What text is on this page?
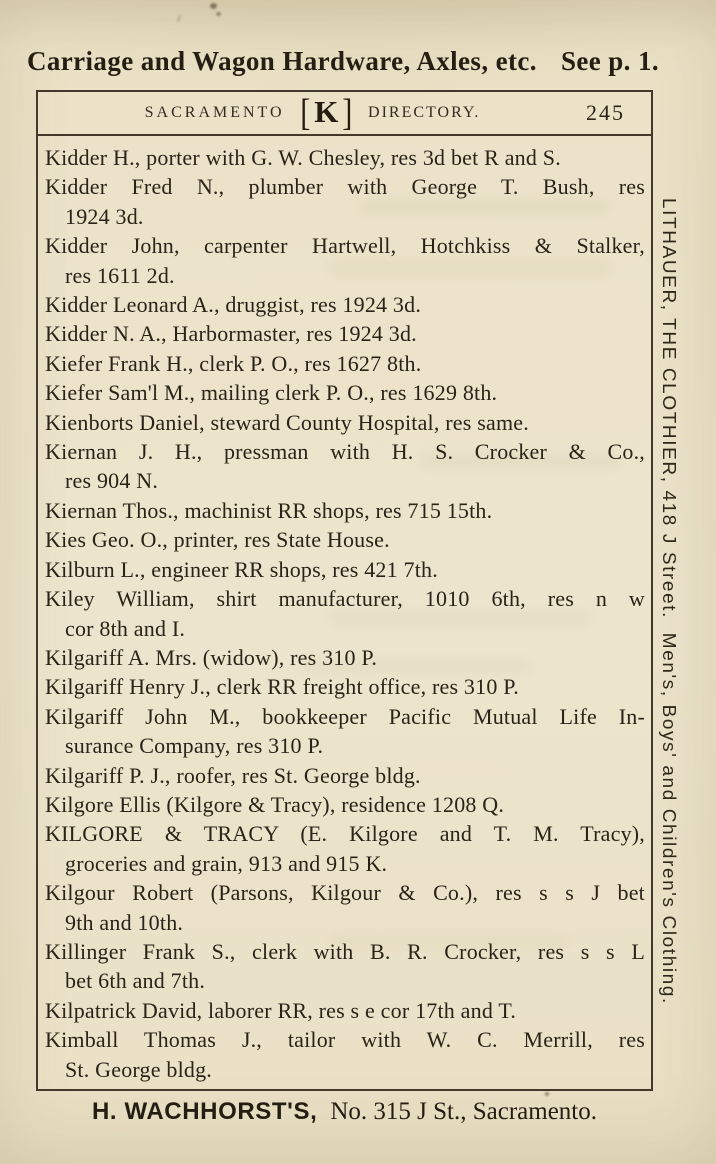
Carriage and Wagon Hardware, Axles, etc. See p. 1.
SACRAMENTO [ K ] DIRECTORY.	245

Kidder H., porter with G. W. Chesley, res 3d bet R and S.

Kidder Fred N., plumber with George T. Bush, res
1924 3d.

Kidder John, carpenter Hartwell, Hotchkiss & Stalker,
res 1611 2d.

Kidder Leonard A., druggist, res 1924 3d.

Kidder N. A., Harbormaster, res 1924 3d.

Kiefer Frank H., clerk P. O., res 1627 8th.

Kiefer Sam'l M., mailing clerk P. O., res 1629 8th.

Kienborts Daniel, steward County Hospital, res same.

Kiernan J. H., pressman with H. S. Crocker & Co.,
res 904 N.

Kiernan Thos., machinist RR shops, res 715 15th.

Kies Geo. O., printer, res State House.

Kilburn L., engineer RR shops, res 421 7th.

Kiley William, shirt manufacturer, 1010 6th, res n w
cor 8th and I.

Kilgariff A. Mrs. (widow), res 310 P.

Kilgariff Henry J., clerk RR freight office, res 310 P.

Kilgariff John M., bookkeeper Pacific Mutual Life In-
surance Company, res 310 P.

Kilgariff P. J., roofer, res St. George bldg.

Kilgore Ellis (Kilgore & Tracy), residence 1208 Q.

KILGORE & TRACY (E. Kilgore and T. M. Tracy),
groceries and grain, 913 and 915 K.

Kilgour Robert (Parsons, Kilgour & Co.), res s s J bet
9th and 10th.

Killinger Frank S., clerk with B. R. Crocker, res s s L
bet 6th and 7th.

Kilpatrick David, laborer RR, res s e cor 17th and T.

Kimball Thomas J., tailor with W. C. Merrill, res
St. George bldg.

LITHAUER, THE CLOTHIER, 418 J Street.  Men's, Boys' and Children's Clothing.
H. WACHHORST'S, No. 315 J St., Sacramento.
